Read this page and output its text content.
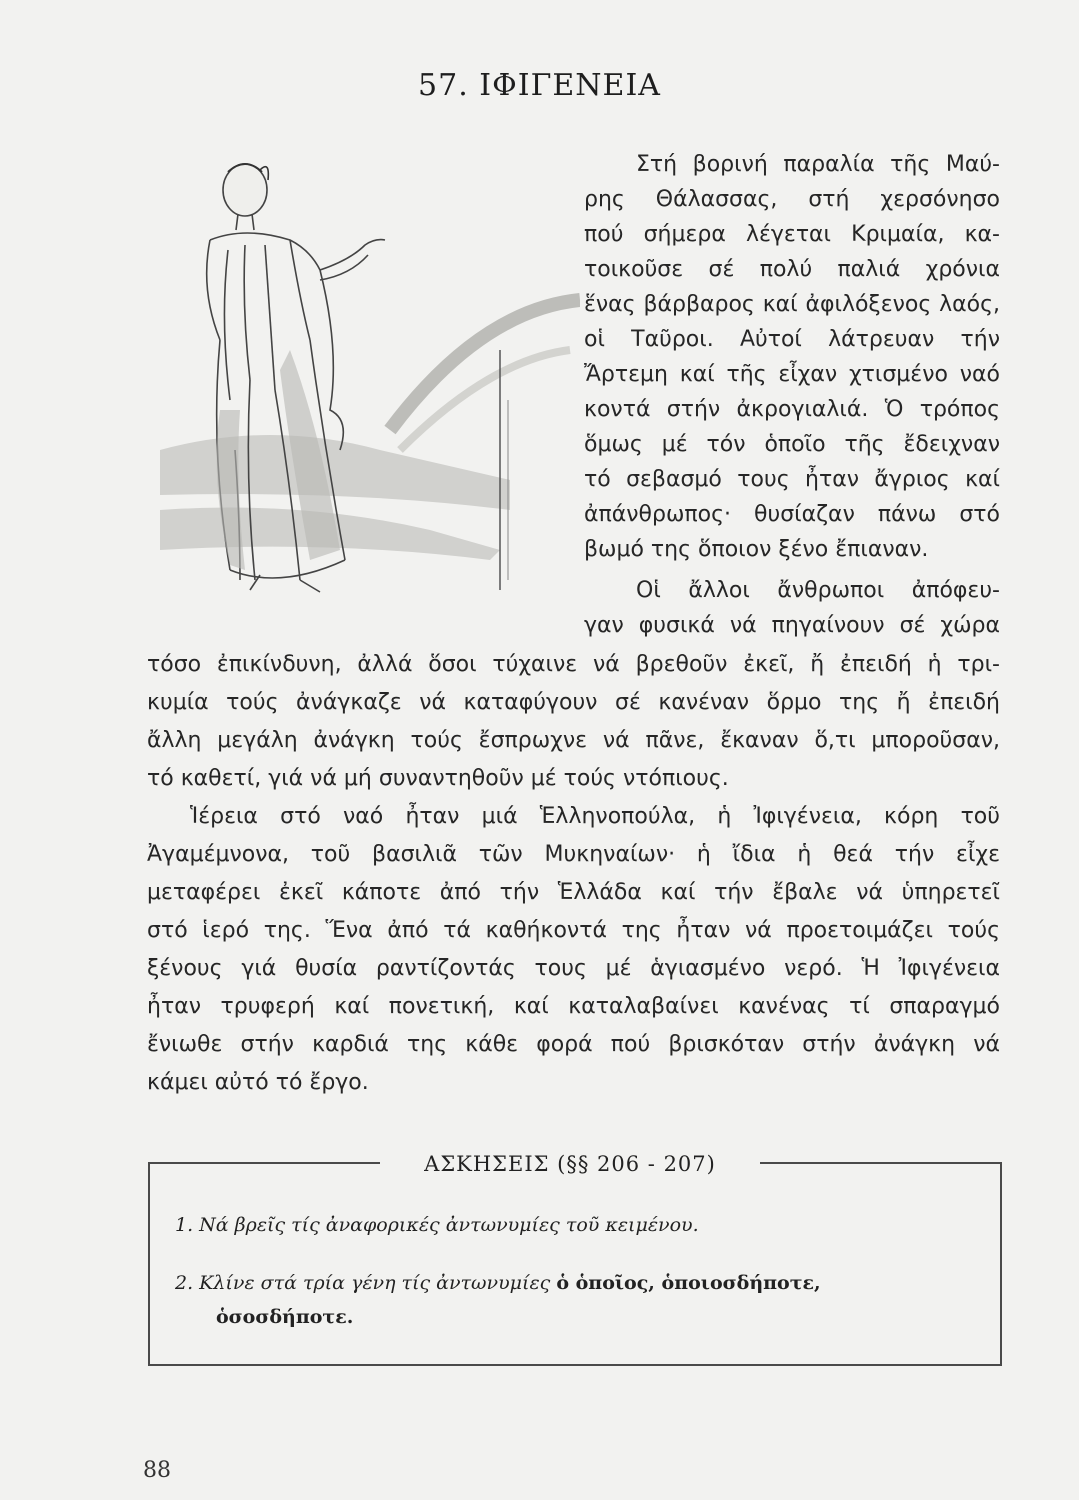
57. ΙΦΙΓΕΝΕΙΑ
Στή βορινή παραλία τῆς Μαύ-
ρης Θάλασσας, στή χερσόνησο
πού σήμερα λέγεται Κριμαία, κα-
τοικοῦσε σέ πολύ παλιά χρόνια
ἕνας βάρβαρος καί ἀφιλόξενος λαός,
οἱ Ταῦροι. Αὐτοί λάτρευαν τήν
Ἄρτεμη καί τῆς εἶχαν χτισμένο ναό
κοντά στήν ἀκρογιαλιά. Ὁ τρόπος
ὅμως μέ τόν ὁποῖο τῆς ἔδειχναν
τό σεβασμό τους ἦταν ἄγριος καί
ἀπάνθρωπος· θυσίαζαν πάνω στό
βωμό της ὅποιον ξένο ἔπιαναν.
Οἱ ἄλλοι ἄνθρωποι ἀπόφευ-
γαν φυσικά νά πηγαίνουν σέ χώρα
τόσο ἐπικίνδυνη, ἀλλά ὅσοι τύχαινε νά βρεθοῦν ἐκεῖ, ἤ ἐπειδή ἡ τρι-
κυμία τούς ἀνάγκαζε νά καταφύγουν σέ κανέναν ὅρμο της ἤ ἐπειδή
ἄλλη μεγάλη ἀνάγκη τούς ἔσπρωχνε νά πᾶνε, ἔκαναν ὅ,τι μποροῦσαν,
τό καθετί, γιά νά μή συναντηθοῦν μέ τούς ντόπιους.
Ἱέρεια στό ναό ἦταν μιά Ἑλληνοπούλα, ἡ Ἰφιγένεια, κόρη τοῦ
Ἀγαμέμνονα, τοῦ βασιλιᾶ τῶν Μυκηναίων· ἡ ἴδια ἡ θεά τήν εἶχε
μεταφέρει ἐκεῖ κάποτε ἀπό τήν Ἑλλάδα καί τήν ἔβαλε νά ὑπηρετεῖ
στό ἱερό της. Ἕνα ἀπό τά καθήκοντά της ἦταν νά προετοιμάζει τούς
ξένους γιά θυσία ραντίζοντάς τους μέ ἁγιασμένο νερό. Ἡ Ἰφιγένεια
ἦταν τρυφερή καί πονετική, καί καταλαβαίνει κανένας τί σπαραγμό
ἔνιωθε στήν καρδιά της κάθε φορά πού βρισκόταν στήν ἀνάγκη νά
κάμει αὐτό τό ἔργο.
ΑΣΚΗΣΕΙΣ (§§ 206 - 207)
1. Νά βρεῖς τίς ἀναφορικές ἀντωνυμίες τοῦ κειμένου.
2. Κλίνε στά τρία γένη τίς ἀντωνυμίες ὁ ὁποῖος, ὁποιοσδήποτε,
ὁσοσδήποτε.
88
